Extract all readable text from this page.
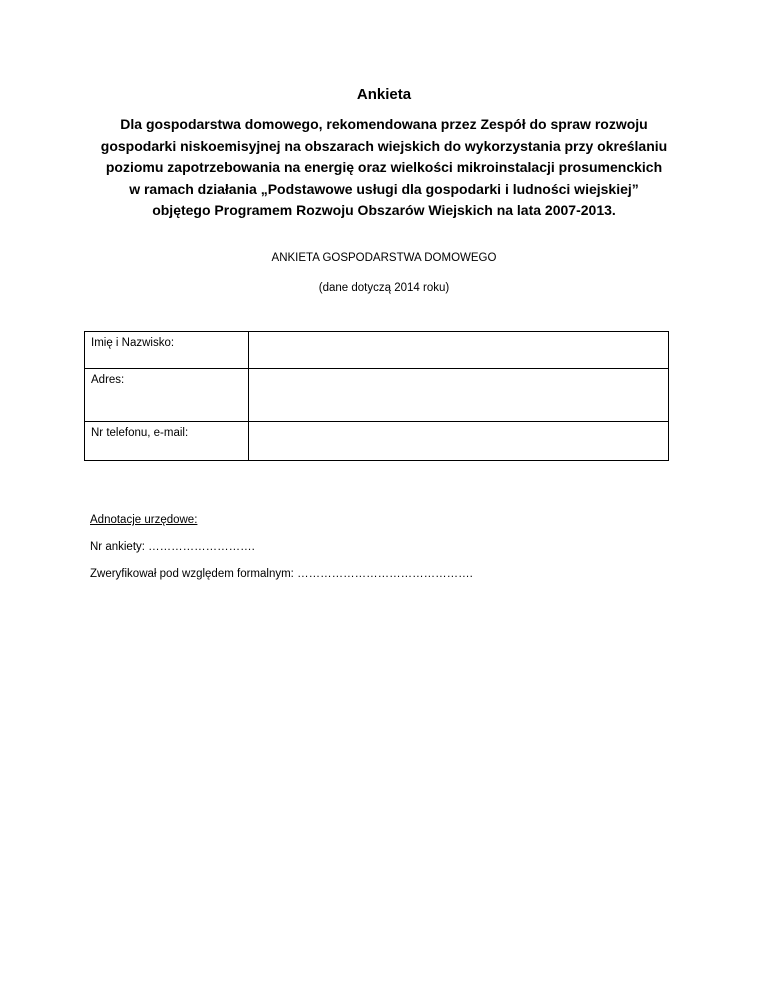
Ankieta
Dla gospodarstwa domowego, rekomendowana przez Zespół do spraw rozwoju
gospodarki niskoemisyjnej na obszarach wiejskich do wykorzystania przy określaniu
poziomu zapotrzebowania na energię oraz wielkości mikroinstalacji prosumenckich
w ramach działania „Podstawowe usługi dla gospodarki i ludności wiejskiej”
objętego Programem Rozwoju Obszarów Wiejskich na lata 2007-2013.
ANKIETA GOSPODARSTWA DOMOWEGO
(dane dotyczą 2014 roku)
Imię i Nazwisko:	
Adres:	
Nr telefonu, e-mail:	

Adnotacje urzędowe:

Nr ankiety: ……………………….

Zweryfikował pod względem formalnym: ……………………………………….
